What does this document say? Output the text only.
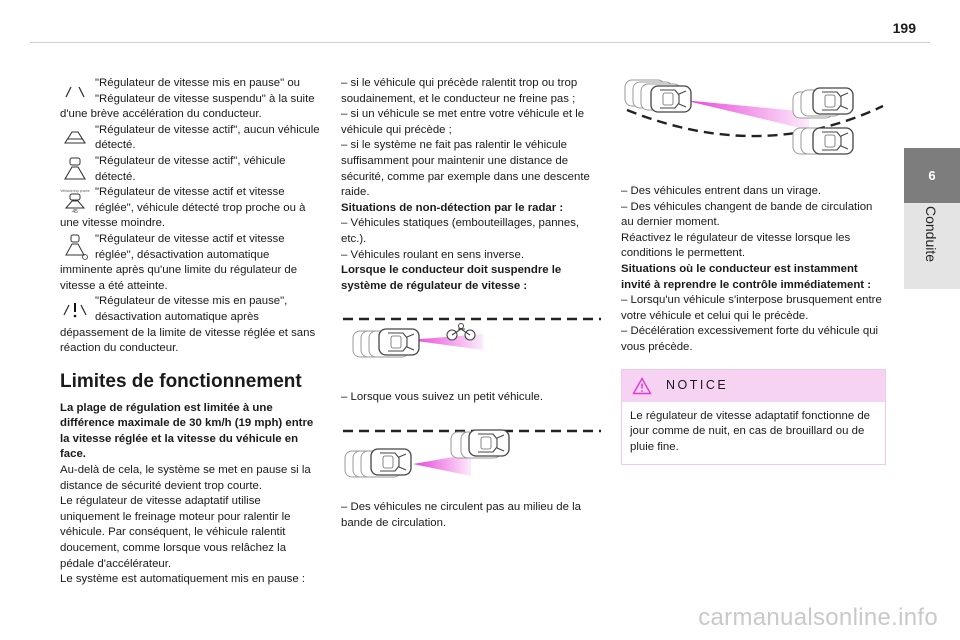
199
6
Conduite

"Régulateur de vitesse mis en pause" ou "Régulateur de vitesse suspendu" à la suite d'une brève accélération du conducteur.

"Régulateur de vitesse actif", aucun véhicule détecté.

"Régulateur de vitesse actif", véhicule détecté.

Véhicule trop proche
45

"Régulateur de vitesse actif et vitesse réglée", véhicule détecté trop proche ou à une vitesse moindre.

"Régulateur de vitesse actif et vitesse réglée", désactivation automatique imminente après qu'une limite du régulateur de vitesse a été atteinte.

"Régulateur de vitesse mis en pause", désactivation automatique après dépassement de la limite de vitesse réglée et sans réaction du conducteur.

Limites de fonctionnement

La plage de régulation est limitée à une différence maximale de 30 km/h (19 mph) entre la vitesse réglée et la vitesse du véhicule en face.

Au-delà de cela, le système se met en pause si la distance de sécurité devient trop courte.

Le régulateur de vitesse adaptatif utilise uniquement le freinage moteur pour ralentir le véhicule. Par conséquent, le véhicule ralentit doucement, comme lorsque vous relâchez la pédale d'accélérateur.

Le système est automatiquement mis en pause :

– si le véhicule qui précède ralentit trop ou trop soudainement, et le conducteur ne freine pas ;

– si un véhicule se met entre votre véhicule et le véhicule qui précède ;

– si le système ne fait pas ralentir le véhicule suffisamment pour maintenir une distance de sécurité, comme par exemple dans une descente raide.

Situations de non-détection par le radar :

– Véhicules statiques (embouteillages, pannes, etc.).

– Véhicules roulant en sens inverse.

Lorsque le conducteur doit suspendre le système de régulateur de vitesse :

– Lorsque vous suivez un petit véhicule.

– Des véhicules ne circulent pas au milieu de la bande de circulation.

– Des véhicules entrent dans un virage.

– Des véhicules changent de bande de circulation au dernier moment.

Réactivez le régulateur de vitesse lorsque les conditions le permettent.

Situations où le conducteur est instamment invité à reprendre le contrôle immédiatement :

– Lorsqu'un véhicule s'interpose brusquement entre votre véhicule et celui qui le précède.

– Décélération excessivement forte du véhicule qui vous précède.

NOTICE
Le régulateur de vitesse adaptatif fonctionne de jour comme de nuit, en cas de brouillard ou de pluie fine.
carmanualsonline.info
